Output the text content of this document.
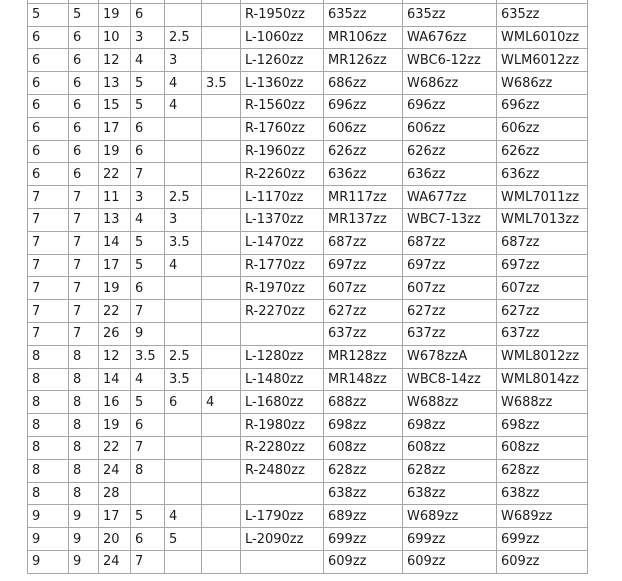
5	5	19	6			R-1950zz	635zz	635zz	635zz
6	6	10	3	2.5		L-1060zz	MR106zz	WA676zz	WML6010zz
6	6	12	4	3		L-1260zz	MR126zz	WBC6-12zz	WLM6012zz
6	6	13	5	4	3.5	L-1360zz	686zz	W686zz	W686zz
6	6	15	5	4		R-1560zz	696zz	696zz	696zz
6	6	17	6			R-1760zz	606zz	606zz	606zz
6	6	19	6			R-1960zz	626zz	626zz	626zz
6	6	22	7			R-2260zz	636zz	636zz	636zz
7	7	11	3	2.5		L-1170zz	MR117zz	WA677zz	WML7011zz
7	7	13	4	3		L-1370zz	MR137zz	WBC7-13zz	WML7013zz
7	7	14	5	3.5		L-1470zz	687zz	687zz	687zz
7	7	17	5	4		R-1770zz	697zz	697zz	697zz
7	7	19	6			R-1970zz	607zz	607zz	607zz
7	7	22	7			R-2270zz	627zz	627zz	627zz
7	7	26	9				637zz	637zz	637zz
8	8	12	3.5	2.5		L-1280zz	MR128zz	W678zzA	WML8012zz
8	8	14	4	3.5		L-1480zz	MR148zz	WBC8-14zz	WML8014zz
8	8	16	5	6	4	L-1680zz	688zz	W688zz	W688zz
8	8	19	6			R-1980zz	698zz	698zz	698zz
8	8	22	7			R-2280zz	608zz	608zz	608zz
8	8	24	8			R-2480zz	628zz	628zz	628zz
8	8	28					638zz	638zz	638zz
9	9	17	5	4		L-1790zz	689zz	W689zz	W689zz
9	9	20	6	5		L-2090zz	699zz	699zz	699zz
9	9	24	7				609zz	609zz	609zz
